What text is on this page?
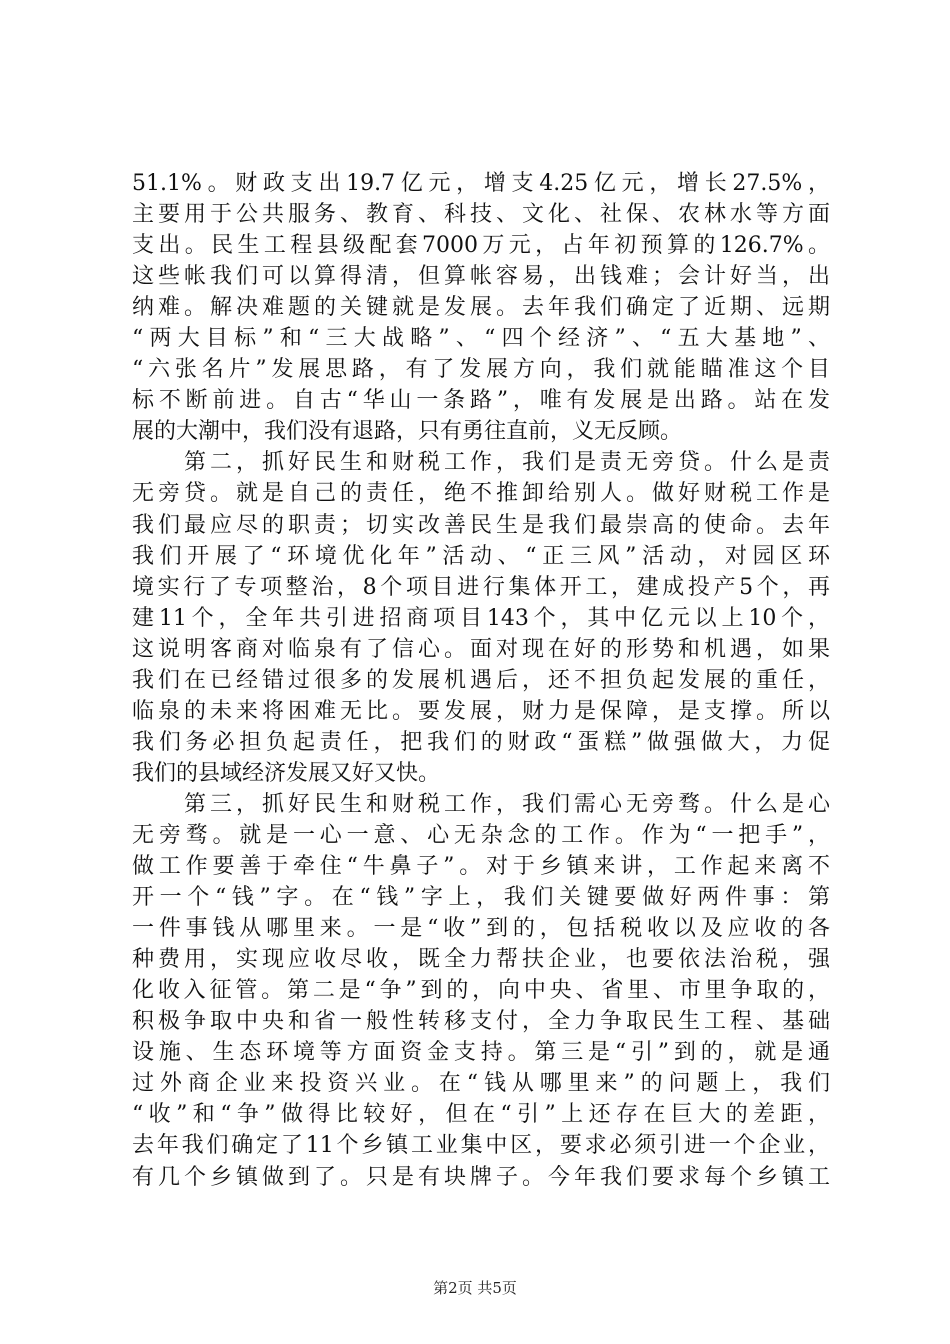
51.1%。财政支出19.7亿元，增支4.25亿元，增长27.5%，
主要用于公共服务、教育、科技、文化、社保、农林水等方面
支出。民生工程县级配套7000万元，占年初预算的126.7%。
这些帐我们可以算得清，但算帐容易，出钱难；会计好当，出
纳难。解决难题的关键就是发展。去年我们确定了近期、远期
“两大目标”和“三大战略”、“四个经济”、“五大基地”、
“六张名片”发展思路，有了发展方向，我们就能瞄准这个目
标不断前进。自古“华山一条路”，唯有发展是出路。站在发
展的大潮中，我们没有退路，只有勇往直前，义无反顾。
　　第二，抓好民生和财税工作，我们是责无旁贷。什么是责
无旁贷。就是自己的责任，绝不推卸给别人。做好财税工作是
我们最应尽的职责；切实改善民生是我们最崇高的使命。去年
我们开展了“环境优化年”活动、“正三风”活动，对园区环
境实行了专项整治，8个项目进行集体开工，建成投产5个，再
建11个，全年共引进招商项目143个，其中亿元以上10个，
这说明客商对临泉有了信心。面对现在好的形势和机遇，如果
我们在已经错过很多的发展机遇后，还不担负起发展的重任，
临泉的未来将困难无比。要发展，财力是保障，是支撑。所以
我们务必担负起责任，把我们的财政“蛋糕”做强做大，力促
我们的县域经济发展又好又快。
　　第三，抓好民生和财税工作，我们需心无旁骛。什么是心
无旁骛。就是一心一意、心无杂念的工作。作为“一把手”，
做工作要善于牵住“牛鼻子”。对于乡镇来讲，工作起来离不
开一个“钱”字。在“钱”字上，我们关键要做好两件事：第
一件事钱从哪里来。一是“收”到的，包括税收以及应收的各
种费用，实现应收尽收，既全力帮扶企业，也要依法治税，强
化收入征管。第二是“争”到的，向中央、省里、市里争取的，
积极争取中央和省一般性转移支付，全力争取民生工程、基础
设施、生态环境等方面资金支持。第三是“引”到的，就是通
过外商企业来投资兴业。在“钱从哪里来”的问题上，我们
“收”和“争”做得比较好，但在“引”上还存在巨大的差距，
去年我们确定了11个乡镇工业集中区，要求必须引进一个企业，
有几个乡镇做到了。只是有块牌子。今年我们要求每个乡镇工
第2页 共5页
